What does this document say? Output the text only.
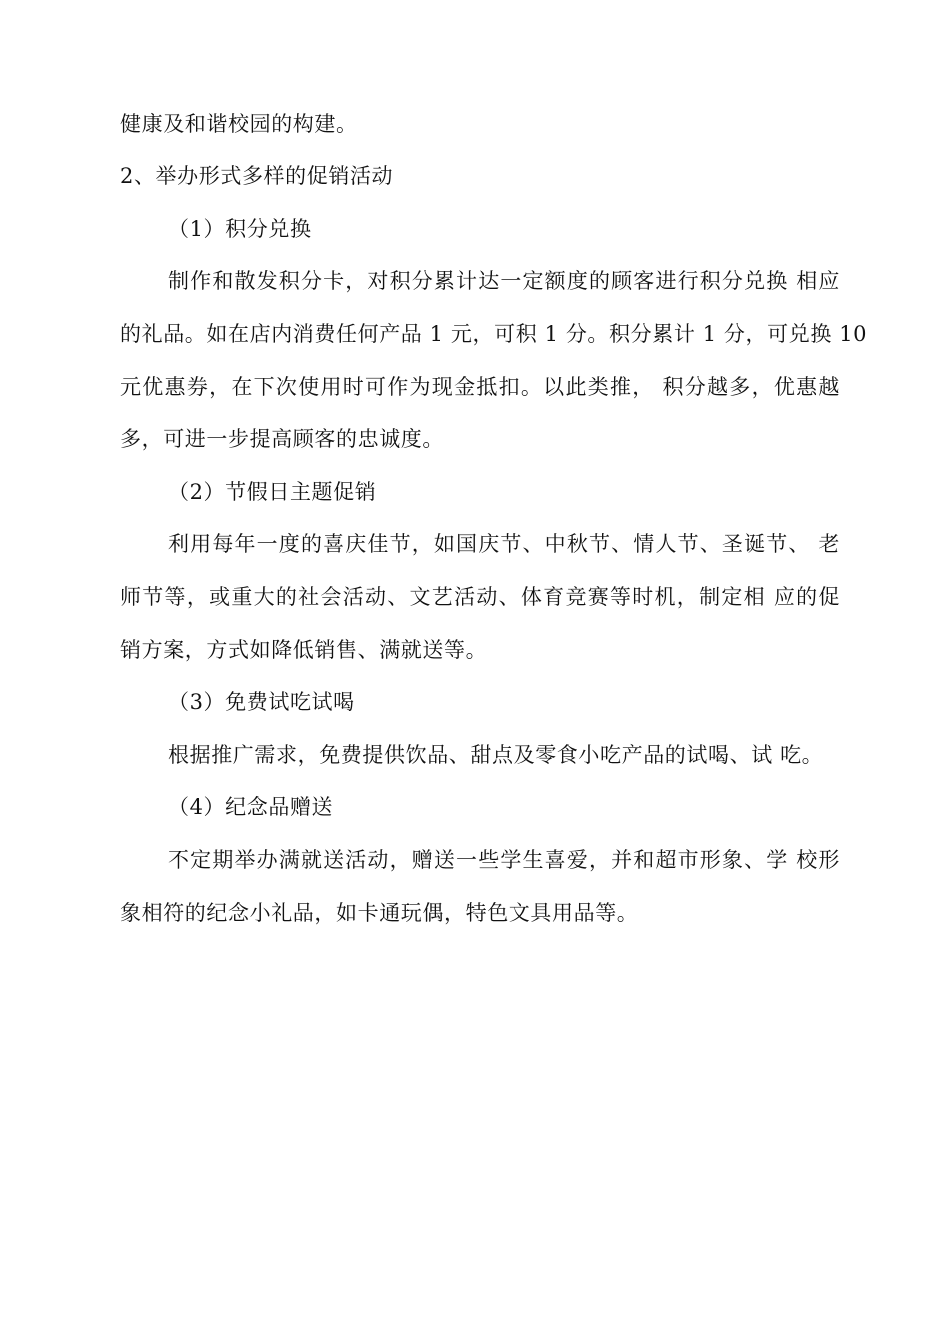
健康及和谐校园的构建。
2、举办形式多样的促销活动
（1）积分兑换
制作和散发积分卡，对积分累计达一定额度的顾客进行积分兑换 相应
的礼品。如在店内消费任何产品 1 元，可积 1 分。积分累计 1 分，可兑换 10
元优惠券，在下次使用时可作为现金抵扣。以此类推， 积分越多，优惠越
多，可进一步提高顾客的忠诚度。
（2）节假日主题促销
利用每年一度的喜庆佳节，如国庆节、中秋节、情人节、圣诞节、 老
师节等，或重大的社会活动、文艺活动、体育竞赛等时机，制定相 应的促
销方案，方式如降低销售、满就送等。
（3）免费试吃试喝
根据推广需求，免费提供饮品、甜点及零食小吃产品的试喝、试 吃。
（4）纪念品赠送
不定期举办满就送活动，赠送一些学生喜爱，并和超市形象、学 校形
象相符的纪念小礼品，如卡通玩偶，特色文具用品等。
